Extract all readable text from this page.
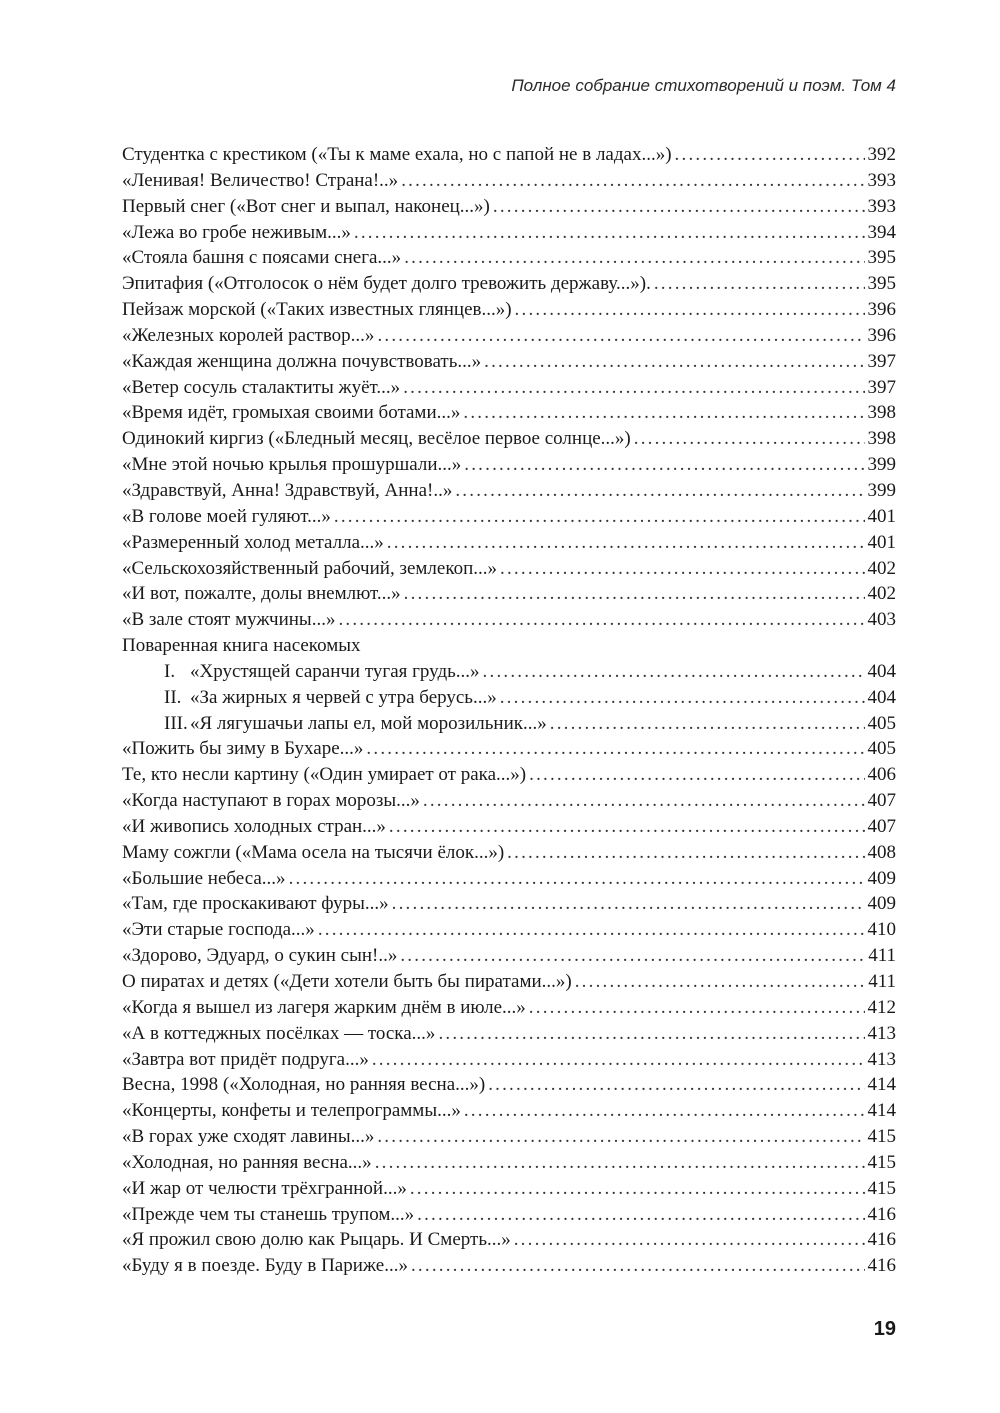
Полное собрание стихотворений и поэм. Том 4
Студентка с крестиком («Ты к маме ехала, но с папой не в ладах...») .....	392
«Ленивая! Величество! Страна!..» .....	393
Первый снег («Вот снег и выпал, наконец...») .....	393
«Лежа во гробе неживым...» .....	394
«Стояла башня с поясами снега...» .....	395
Эпитафия («Отголосок о нём будет долго тревожить державу...»). .....	395
Пейзаж морской («Таких известных глянцев...») .....	396
«Железных королей раствор...» .....	396
«Каждая женщина должна почувствовать...» .....	397
«Ветер сосуль сталактиты жуёт...» .....	397
«Время идёт, громыхая своими ботами...» .....	398
Одинокий киргиз («Бледный месяц, весёлое первое солнце...») .....	398
«Мне этой ночью крылья прошуршали...» .....	399
«Здравствуй, Анна! Здравствуй, Анна!..» .....	399
«В голове моей гуляют...» .....	401
«Размеренный холод металла...» .....	401
«Сельскохозяйственный рабочий, землекоп...» .....	402
«И вот, пожалте, долы внемлют...» .....	402
«В зале стоят мужчины...» .....	403
Поваренная книга насекомых
I. «Хрустящей саранчи тугая грудь...» .....	404
II. «За жирных я червей с утра берусь...» .....	404
III. «Я лягушачьи лапы ел, мой морозильник...» .....	405
«Пожить бы зиму в Бухаре...» .....	405
Те, кто несли картину («Один умирает от рака...») .....	406
«Когда наступают в горах морозы...» .....	407
«И живопись холодных стран...» .....	407
Маму сожгли («Мама осела на тысячи ёлок...») .....	408
«Большие небеса...» .....	409
«Там, где проскакивают фуры...» .....	409
«Эти старые господа...» .....	410
«Здорово, Эдуард, о сукин сын!..» .....	411
О пиратах и детях («Дети хотели быть бы пиратами...») .....	411
«Когда я вышел из лагеря жарким днём в июле...» .....	412
«А в коттеджных посёлках — тоска...» .....	413
«Завтра вот придёт подруга...» .....	413
Весна, 1998 («Холодная, но ранняя весна...») .....	414
«Концерты, конфеты и телепрограммы...» .....	414
«В горах уже сходят лавины...» .....	415
«Холодная, но ранняя весна...» .....	415
«И жар от челюсти трёхгранной...» .....	415
«Прежде чем ты станешь трупом...» .....	416
«Я прожил свою долю как Рыцарь. И Смерть...» .....	416
«Буду я в поезде. Буду в Париже...» .....	416
19
